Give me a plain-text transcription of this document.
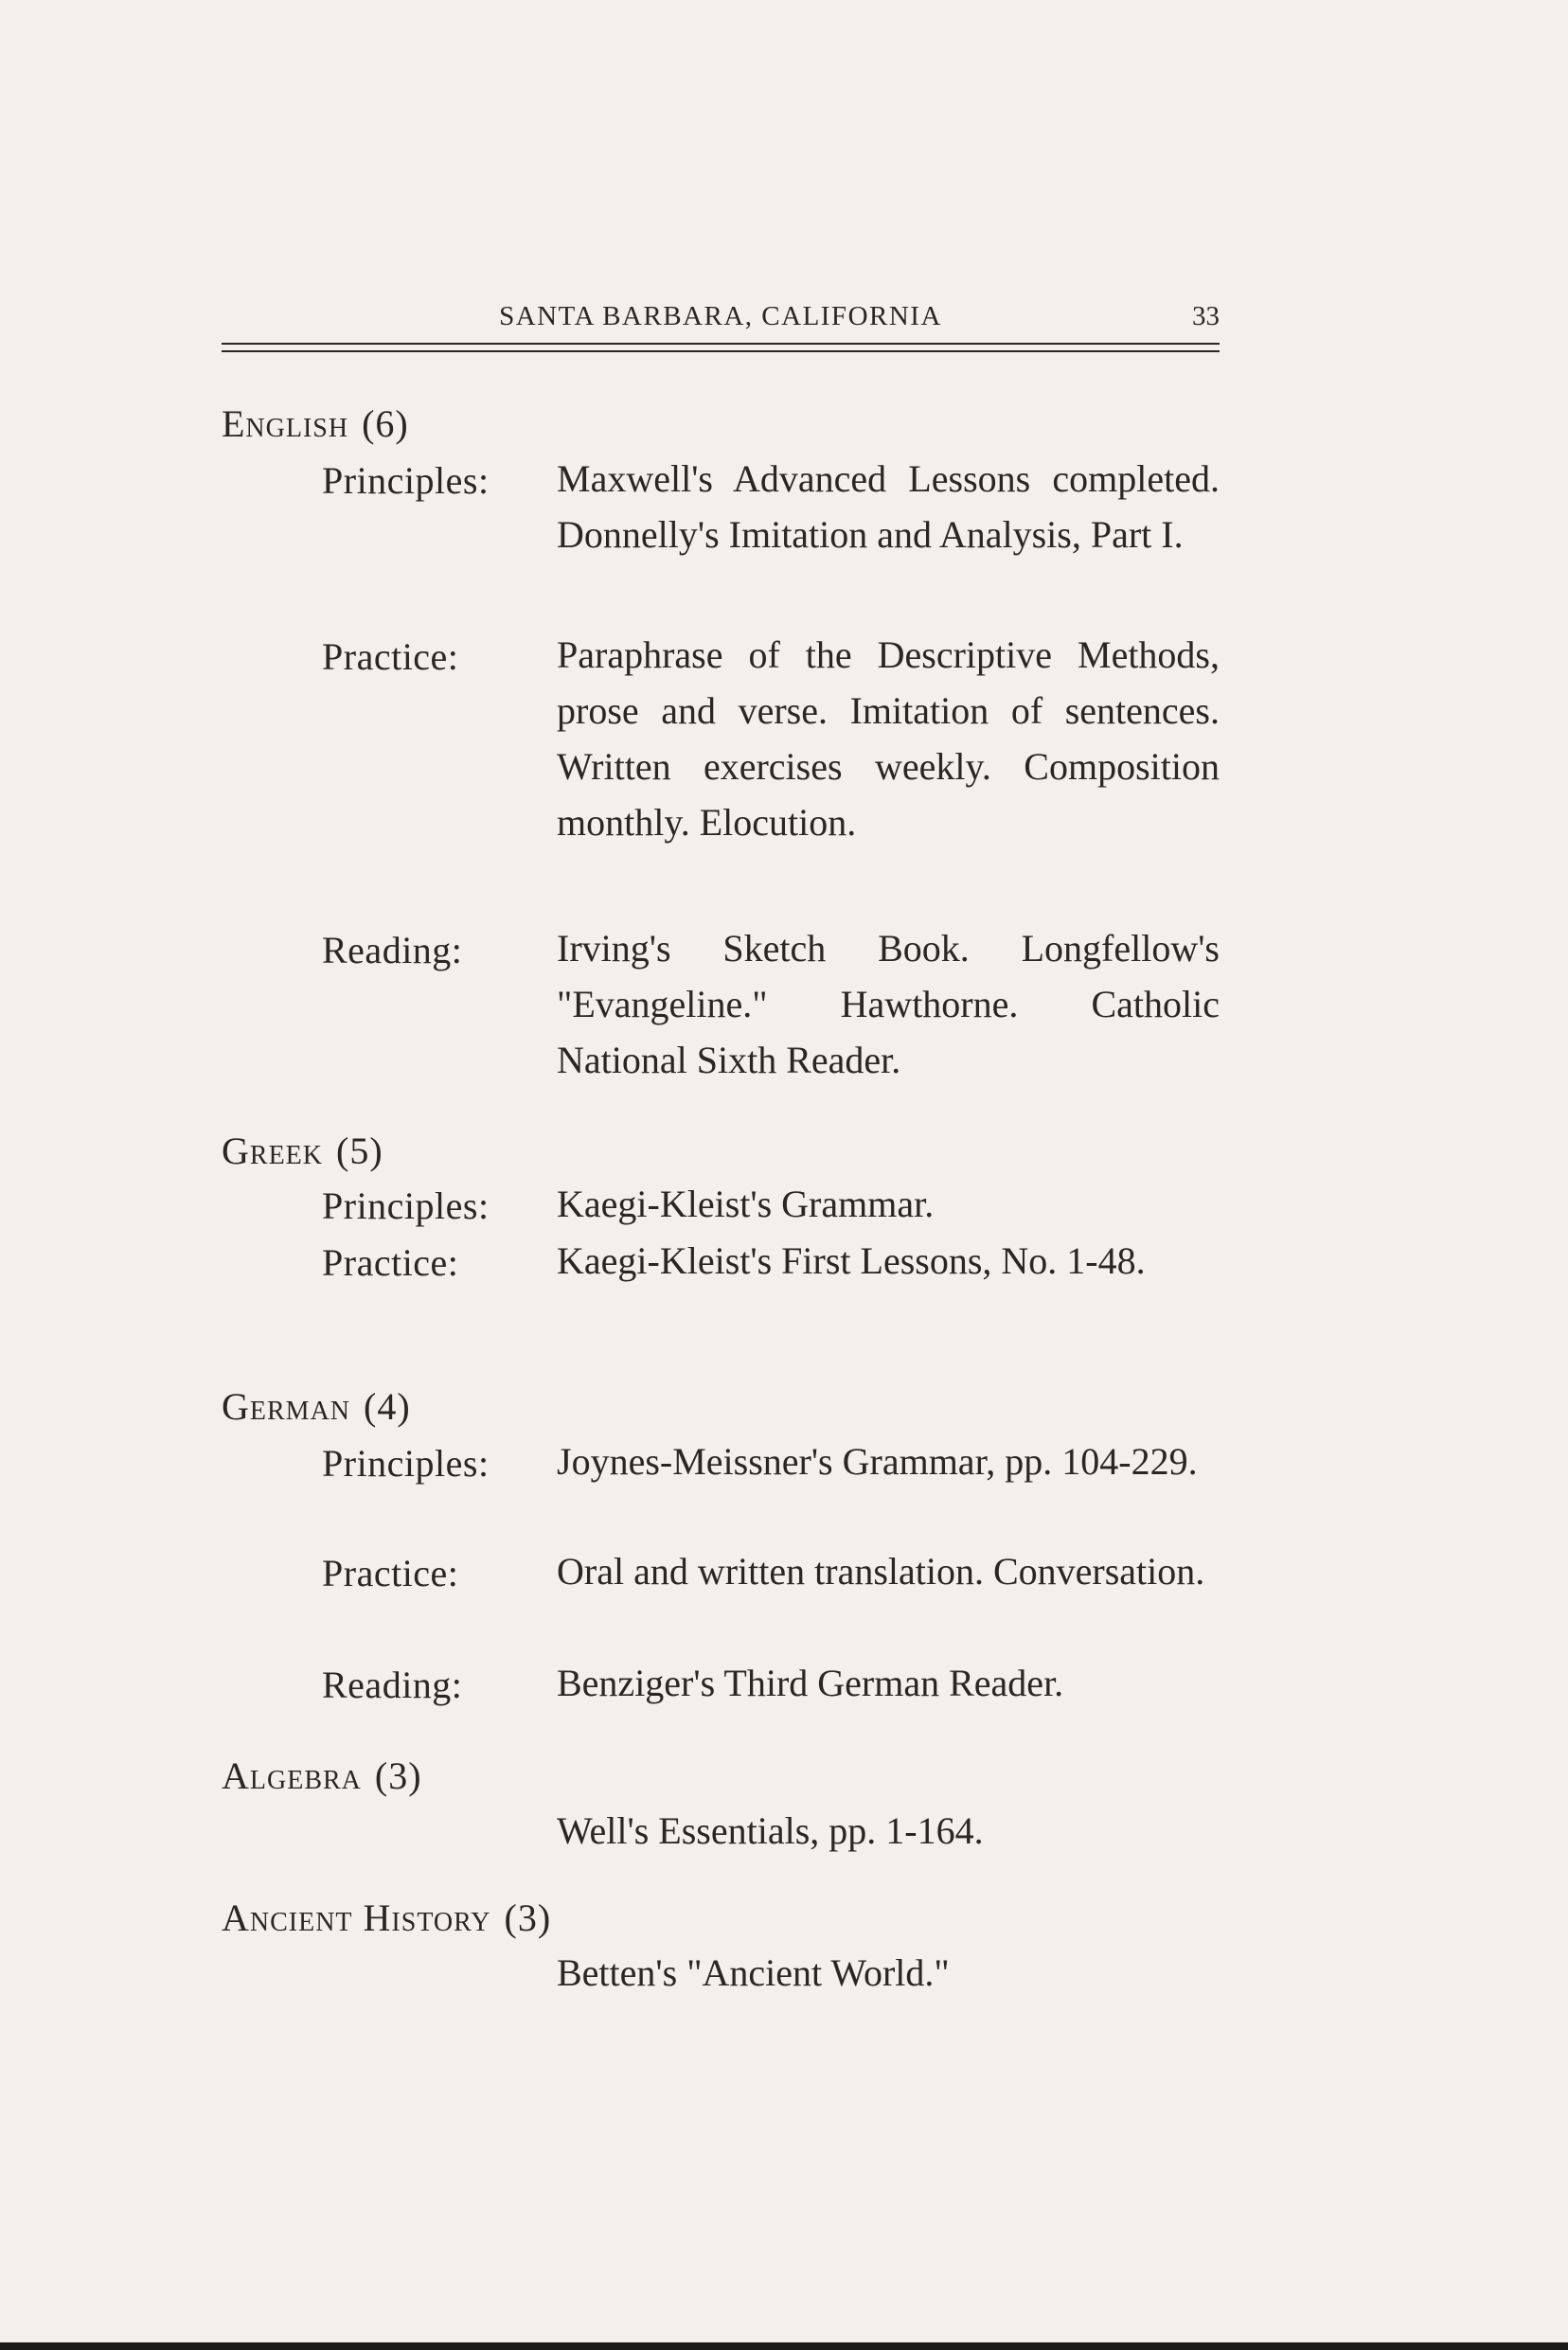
SANTA BARBARA, CALIFORNIA	33
English (6)
Principles: Maxwell's Advanced Lessons completed. Donnelly's Imitation and Analysis, Part I.
Practice:	Paraphrase of the Descriptive Methods, prose and verse. Imitation of sentences. Written exercises weekly. Composition monthly. Elocution.
Reading: Irving's Sketch Book. Longfellow's "Evangeline." Hawthorne. Catholic National Sixth Reader.
Greek (5)
Principles: Kaegi-Kleist's Grammar.
Practice:	Kaegi-Kleist's First Lessons, No. 1-48.
German (4)
Principles: Joynes-Meissner's Grammar, pp. 104-229.
Practice:	Oral and written translation. Conversation.
Reading: Benziger's Third German Reader.
Algebra (3)
Well's Essentials, pp. 1-164.
Ancient History (3)
Betten's "Ancient World."
